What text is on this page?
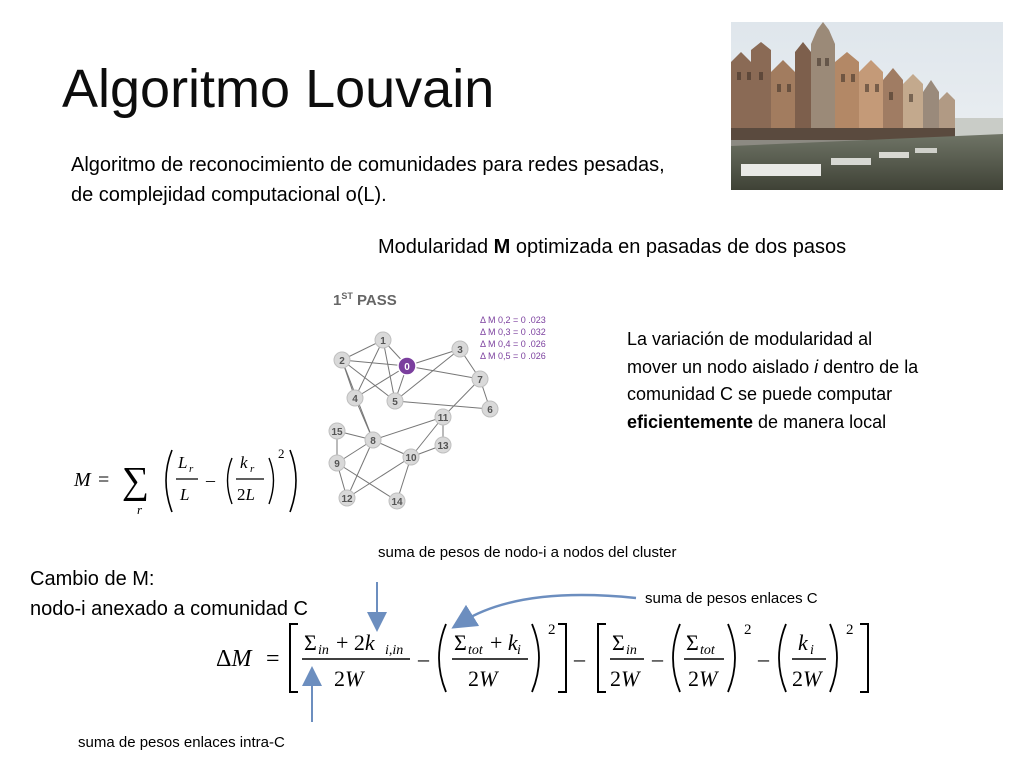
Algoritmo Louvain
Algoritmo de reconocimiento de comunidades para redes pesadas, de complejidad computacional o(L).
Modularidad M optimizada en pasadas de dos pasos
1ST PASS
1
2
3
4	5
6
7
8
9
10
11
12
13
14
15
0
Δ M 0,2 = 0 .023
Δ M 0,3 = 0 .032
Δ M 0,4 = 0 .026
Δ M 0,5 = 0 .026
La variación de modularidad al mover un nodo aislado i dentro de la comunidad C se puede computar eficientemente de manera local
M = ∑
r
L r
L
–
k r
2L
2
Cambio de M:
nodo-i anexado a comunidad C
suma de pesos de nodo-i a nodos del cluster
suma de pesos enlaces C
suma de pesos enlaces intra-C
ΔM =
Σ in + 2k i,in
2W
–
Σ tot + k i
2W
2
–
Σ in
2W
–
Σ tot
2W
2
–
k i
2W
2
